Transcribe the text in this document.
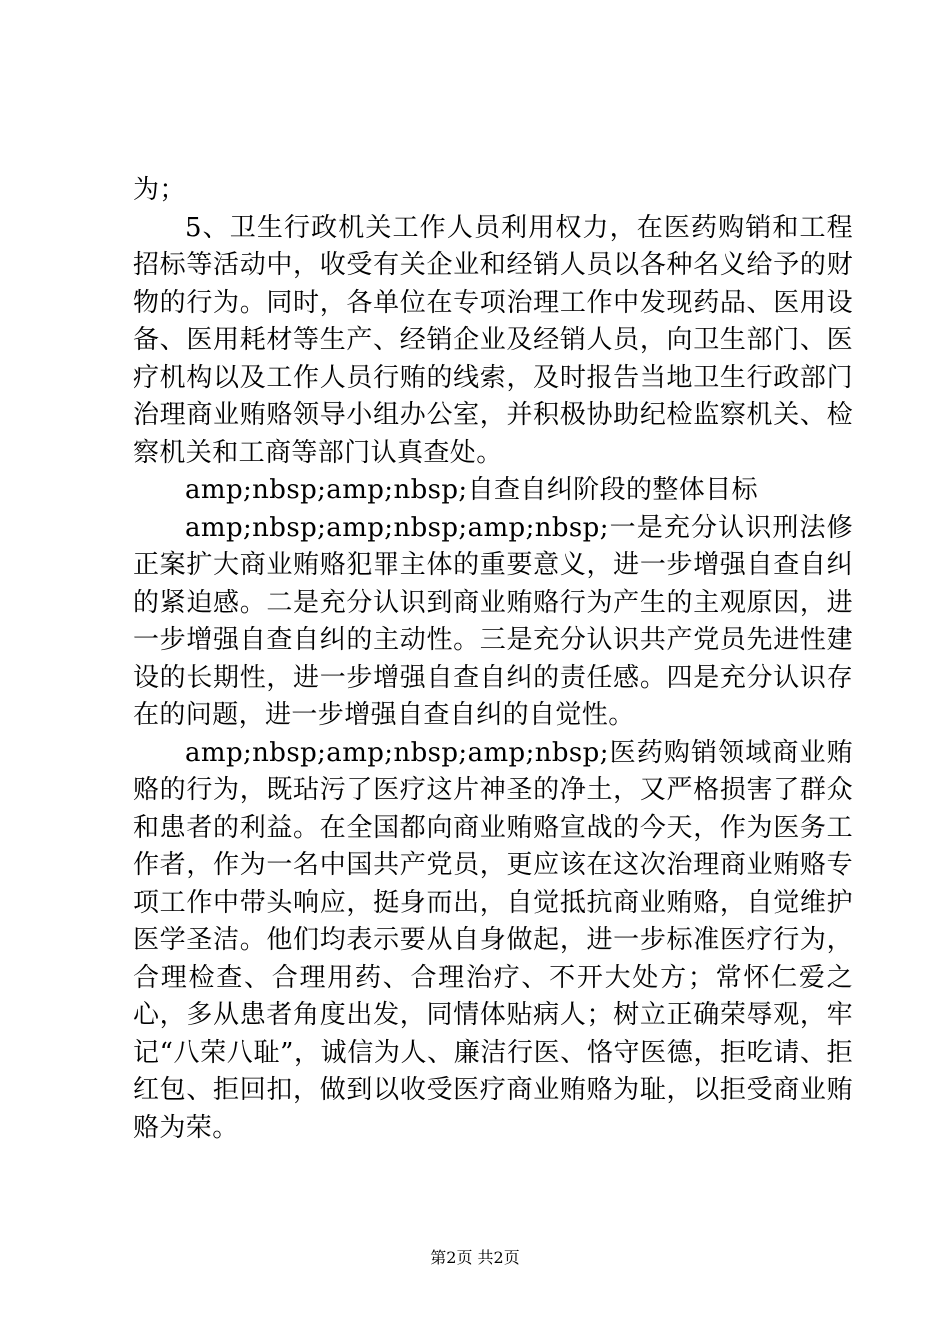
为；

5、卫生行政机关工作人员利用权力，在医药购销和工程招标等活动中，收受有关企业和经销人员以各种名义给予的财物的行为。同时，各单位在专项治理工作中发现药品、医用设备、医用耗材等生产、经销企业及经销人员，向卫生部门、医疗机构以及工作人员行贿的线索，及时报告当地卫生行政部门治理商业贿赂领导小组办公室，并积极协助纪检监察机关、检察机关和工商等部门认真查处。

amp;nbsp;amp;nbsp;自查自纠阶段的整体目标

amp;nbsp;amp;nbsp;amp;nbsp;一是充分认识刑法修正案扩大商业贿赂犯罪主体的重要意义，进一步增强自查自纠的紧迫感。二是充分认识到商业贿赂行为产生的主观原因，进一步增强自查自纠的主动性。三是充分认识共产党员先进性建设的长期性，进一步增强自查自纠的责任感。四是充分认识存在的问题，进一步增强自查自纠的自觉性。

amp;nbsp;amp;nbsp;amp;nbsp;医药购销领域商业贿赂的行为，既玷污了医疗这片神圣的净土，又严格损害了群众和患者的利益。在全国都向商业贿赂宣战的今天，作为医务工作者，作为一名中国共产党员，更应该在这次治理商业贿赂专项工作中带头响应，挺身而出，自觉抵抗商业贿赂，自觉维护医学圣洁。他们均表示要从自身做起，进一步标准医疗行为，合理检查、合理用药、合理治疗、不开大处方；常怀仁爱之心，多从患者角度出发，同情体贴病人；树立正确荣辱观，牢记“八荣八耻”，诚信为人、廉洁行医、恪守医德，拒吃请、拒红包、拒回扣，做到以收受医疗商业贿赂为耻，以拒受商业贿赂为荣。

第2页 共2页
